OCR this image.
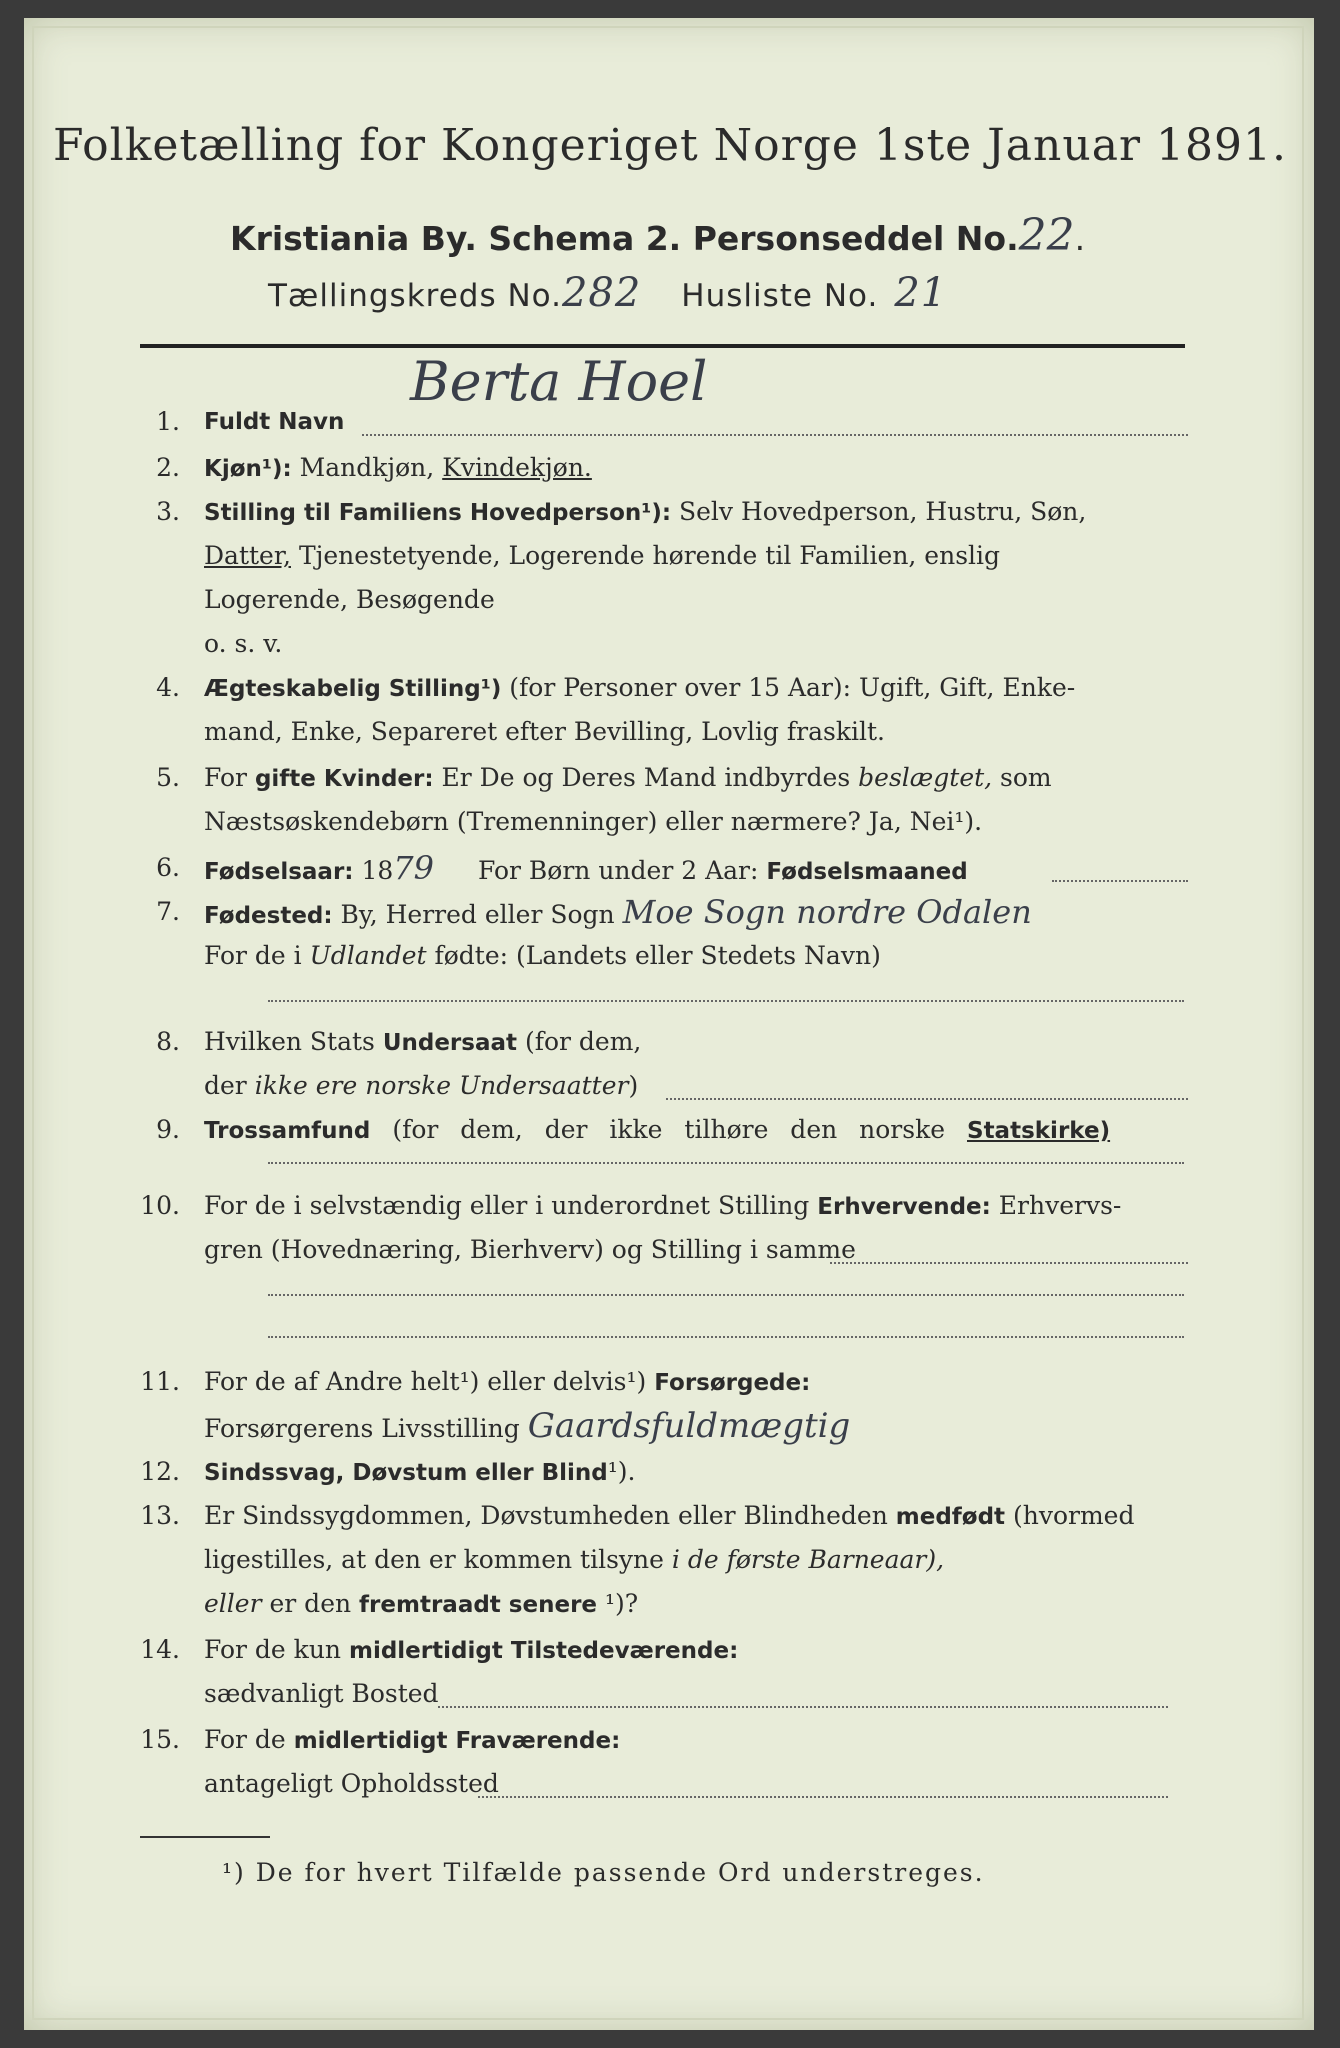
Folketælling for Kongeriget Norge 1ste Januar 1891.
Kristiania By. Schema 2. Personseddel No.22.
Tællingskreds No.282 Husliste No. 21
1. Fuldt Navn
Berta Hoel
2. Kjøn¹): Mandkjøn, Kvindekjøn.
3. Stilling til Familiens Hovedperson¹): Selv Hovedperson, Hustru, Søn,
Datter, Tjenestetyende, Logerende hørende til Familien, enslig
Logerende, Besøgende
o. s. v.
4. Ægteskabelig Stilling¹) (for Personer over 15 Aar): Ugift, Gift, Enke-
mand, Enke, Separeret efter Bevilling, Lovlig fraskilt.
5. For gifte Kvinder: Er De og Deres Mand indbyrdes beslægtet, som
Næstsøskendebørn (Tremenninger) eller nærmere? Ja, Nei¹).
6. Fødselsaar: 1879 For Børn under 2 Aar: Fødselsmaaned
7. Fødested: By, Herred eller Sogn Moe Sogn nordre Odalen
For de i Udlandet fødte: (Landets eller Stedets Navn)
8. Hvilken Stats Undersaat (for dem,
der ikke ere norske Undersaatter)
9. Trossamfund (for dem, der ikke tilhøre den norske Statskirke)
10. For de i selvstændig eller i underordnet Stilling Erhvervende: Erhvervs-
gren (Hovednæring, Bierhverv) og Stilling i samme
11. For de af Andre helt¹) eller delvis¹) Forsørgede:
Forsørgerens Livsstilling Gaardsfuldmægtig
12. Sindssvag, Døvstum eller Blind¹).
13. Er Sindssygdommen, Døvstumheden eller Blindheden medfødt (hvormed
ligestilles, at den er kommen tilsyne i de første Barneaar),
eller er den fremtraadt senere ¹)?
14. For de kun midlertidigt Tilstedeværende:
sædvanligt Bosted
15. For de midlertidigt Fraværende:
antageligt Opholdssted
¹) De for hvert Tilfælde passende Ord understreges.
